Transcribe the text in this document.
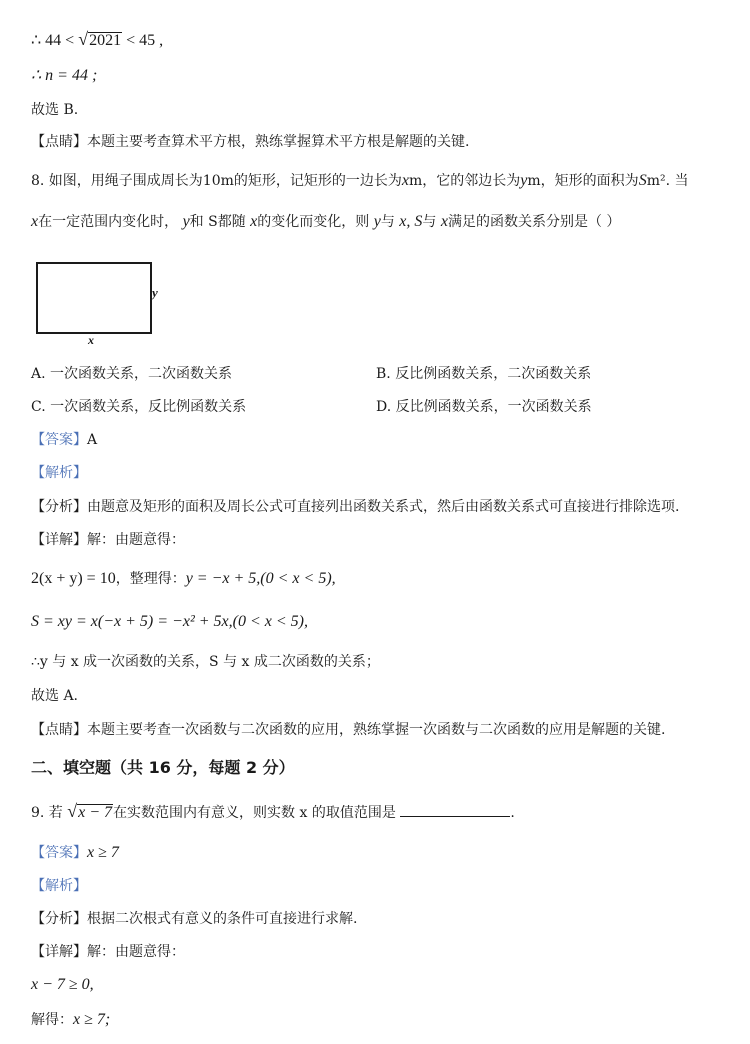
∴ 44 < √2021 < 45 ,
∴ n = 44 ;
故选 B.
【点睛】本题主要考查算术平方根，熟练掌握算术平方根是解题的关键.
8. 如图，用绳子围成周长为10m的矩形，记矩形的一边长为xm，它的邻边长为ym，矩形的面积为Sm². 当
x在一定范围内变化时， y和 S都随 x的变化而变化，则 y与 x, S与 x满足的函数关系分别是（ ）
y
x
A. 一次函数关系，二次函数关系	B. 反比例函数关系，二次函数关系
C. 一次函数关系，反比例函数关系	D. 反比例函数关系，一次函数关系
【答案】A
【解析】
【分析】由题意及矩形的面积及周长公式可直接列出函数关系式，然后由函数关系式可直接进行排除选项.
【详解】解：由题意得：
2(x + y) = 10，整理得：y = −x + 5,(0 < x < 5),
S = xy = x(−x + 5) = −x² + 5x,(0 < x < 5),
∴y 与 x 成一次函数的关系，S 与 x 成二次函数的关系；
故选 A.
【点睛】本题主要考查一次函数与二次函数的应用，熟练掌握一次函数与二次函数的应用是解题的关键.
二、填空题（共 16 分，每题 2 分）
9. 若 √x − 7在实数范围内有意义，则实数 x 的取值范围是	.
【答案】x ≥ 7
【解析】
【分析】根据二次根式有意义的条件可直接进行求解.
【详解】解：由题意得：
x − 7 ≥ 0,
解得：x ≥ 7;
